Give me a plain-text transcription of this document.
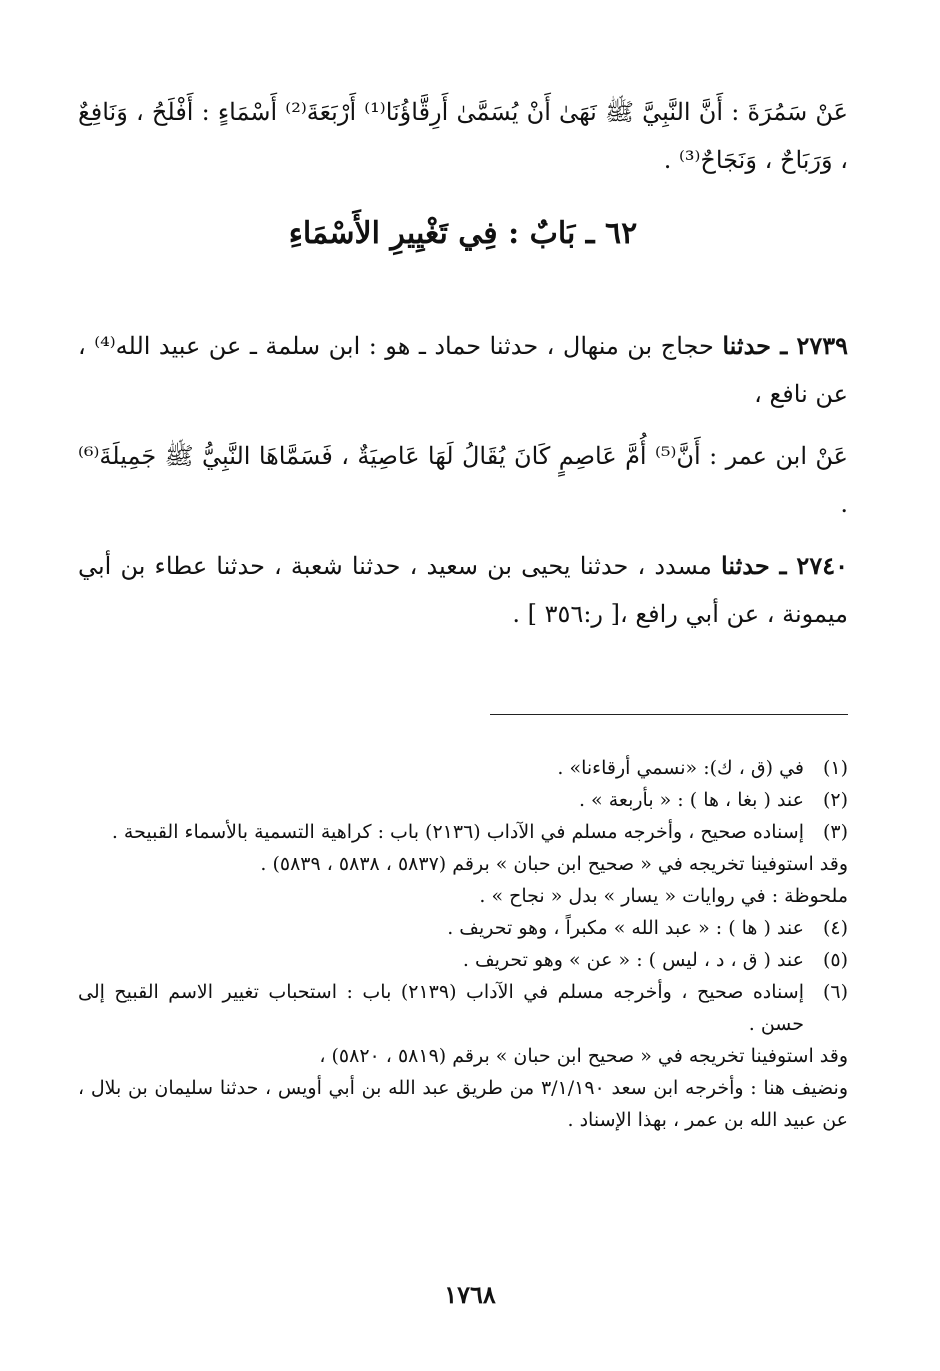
عَنْ سَمُرَةَ : أَنَّ النَّبِيَّ ﷺ نَهَىٰ أَنْ يُسَمَّىٰ أَرِقَّاؤُنَا⁽¹⁾ أَرْبَعَةَ⁽²⁾ أَسْمَاءٍ : أَفْلَحُ ، وَنَافِعٌ ، وَرَبَاحٌ ، وَنَجَاحٌ⁽³⁾ .

٦٢ ـ بَابٌ : فِي تَغْيِيرِ الأَسْمَاءِ

٢٧٣٩ ـ حدثنا حجاج بن منهال ، حدثنا حماد ـ هو : ابن سلمة ـ عن عبيد الله⁽⁴⁾ ، عن نافع ،

عَنْ ابن عمر : أَنَّ⁽⁵⁾ أُمَّ عَاصِمٍ كَانَ يُقَالُ لَهَا عَاصِيَةٌ ، فَسَمَّاهَا النَّبِيُّ ﷺ جَمِيلَةَ⁽⁶⁾ .

٢٧٤٠ ـ حدثنا مسدد ، حدثنا يحيى بن سعيد ، حدثنا شعبة ، حدثنا عطاء بن أبي ميمونة ، عن أبي رافع ،[ ر:٣٥٦ ] .

(١)
في (ق ، ك): «نسمي أرقاءنا» .
(٢)
عند ( بغا ، ها ) : « بأربعة » .
(٣)
إسناده صحيح ، وأخرجه مسلم في الآداب (٢١٣٦) باب : كراهية التسمية بالأسماء القبيحة .
وقد استوفينا تخريجه في « صحيح ابن حبان » برقم (٥٨٣٧ ، ٥٨٣٨ ، ٥٨٣٩) .
ملحوظة : في روايات « يسار » بدل « نجاح » .
(٤)
عند ( ها ) : « عبد الله » مكبراً ، وهو تحريف .
(٥)
عند ( ق ، د ، ليس ) : « عن » وهو تحريف .
(٦)
إسناده صحيح ، وأخرجه مسلم في الآداب (٢١٣٩) باب : استحباب تغيير الاسم القبيح إلى حسن .
وقد استوفينا تخريجه في « صحيح ابن حبان » برقم (٥٨١٩ ، ٥٨٢٠) ،
ونضيف هنا : وأخرجه ابن سعد ٣/١/١٩٠ من طريق عبد الله بن أبي أويس ، حدثنا سليمان بن بلال ، عن عبيد الله بن عمر ، بهذا الإسناد .
١٧٦٨
